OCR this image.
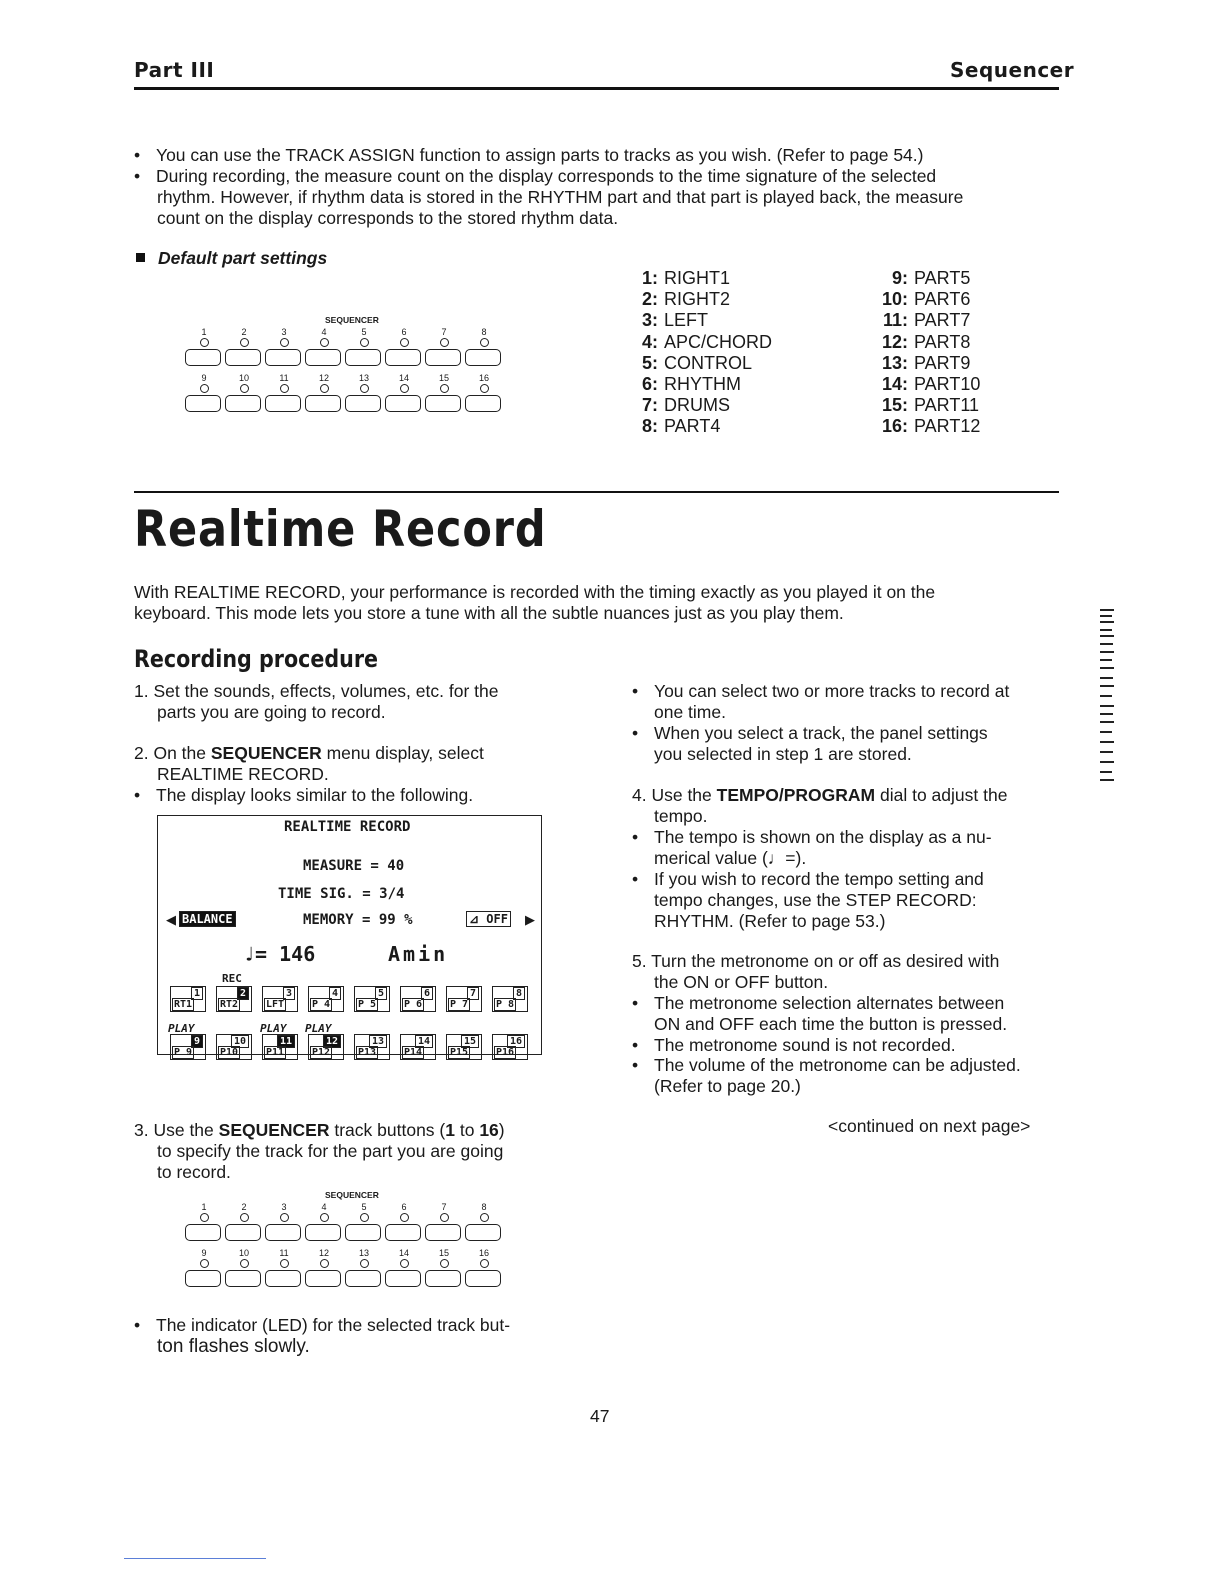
Part III	Sequencer
• You can use the TRACK ASSIGN function to assign parts to tracks as you wish. (Refer to page 54.)
• During recording, the measure count on the display corresponds to the time signature of the selected
rhythm. However, if rhythm data is stored in the RHYTHM part and that part is played back, the measure
count on the display corresponds to the stored rhythm data.
Default part settings
SEQUENCER
1	2	3	4	5	6	7	8
9	10	11	12	13	14	15	16
1: RIGHT1
2: RIGHT2
3: LEFT
4: APC/CHORD
5: CONTROL
6: RHYTHM
7: DRUMS
8: PART4
9: PART5
10: PART6
11: PART7
12: PART8
13: PART9
14: PART10
15: PART11
16: PART12
Realtime Record
With REALTIME RECORD, your performance is recorded with the timing exactly as you played it on the
keyboard. This mode lets you store a tune with all the subtle nuances just as you play them.
Recording procedure
1. Set the sounds, effects, volumes, etc. for the
parts you are going to record.
2. On the SEQUENCER menu display, select
REALTIME RECORD.
• The display looks similar to the following.
REALTIME RECORD
MEASURE = 40
TIME SIG. = 3/4
◀ BALANCE	MEMORY = 99 %	⊿ OFF ▶
♩= 146	Amin
REC
1
RT1
2
RT2
3
LFT
4
P 4
5
P 5
6
P 6
7
P 7
8
P 8
PLAY	PLAY PLAY
9
P 9
10
P10
11
P11
12
P12
13
P13
14
P14
15
P15
16
P16
3. Use the SEQUENCER track buttons (1 to 16)
to specify the track for the part you are going
to record.
SEQUENCER
1	2	3	4	5	6	7	8
9	10	11	12	13	14	15	16
• The indicator (LED) for the selected track but-
ton flashes slowly.
• You can select two or more tracks to record at
one time.
• When you select a track, the panel settings
you selected in step 1 are stored.
4. Use the TEMPO/PROGRAM dial to adjust the
tempo.
• The tempo is shown on the display as a nu-
merical value (♩=).
• If you wish to record the tempo setting and
tempo changes, use the STEP RECORD:
RHYTHM. (Refer to page 53.)
5. Turn the metronome on or off as desired with
the ON or OFF button.
• The metronome selection alternates between
ON and OFF each time the button is pressed.
• The metronome sound is not recorded.
• The volume of the metronome can be adjusted.
(Refer to page 20.)
<continued on next page>
47
